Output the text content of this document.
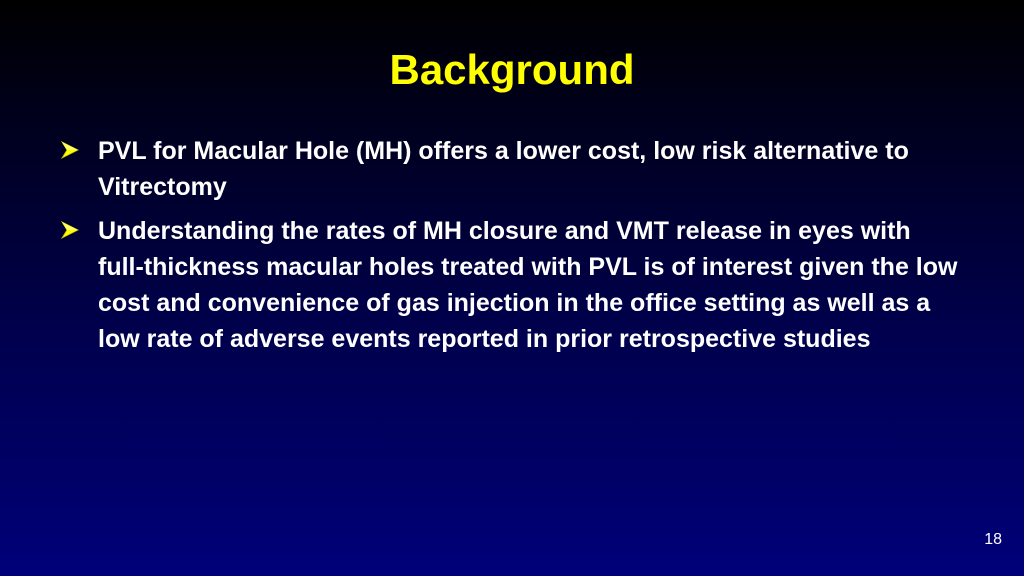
Background
PVL for Macular Hole (MH) offers a lower cost, low risk alternative to Vitrectomy
Understanding the rates of MH closure and VMT release in eyes with full-thickness macular holes treated with PVL is of interest given the low cost and convenience of gas injection in the office setting as well as a low rate of adverse events reported in prior retrospective studies
18
